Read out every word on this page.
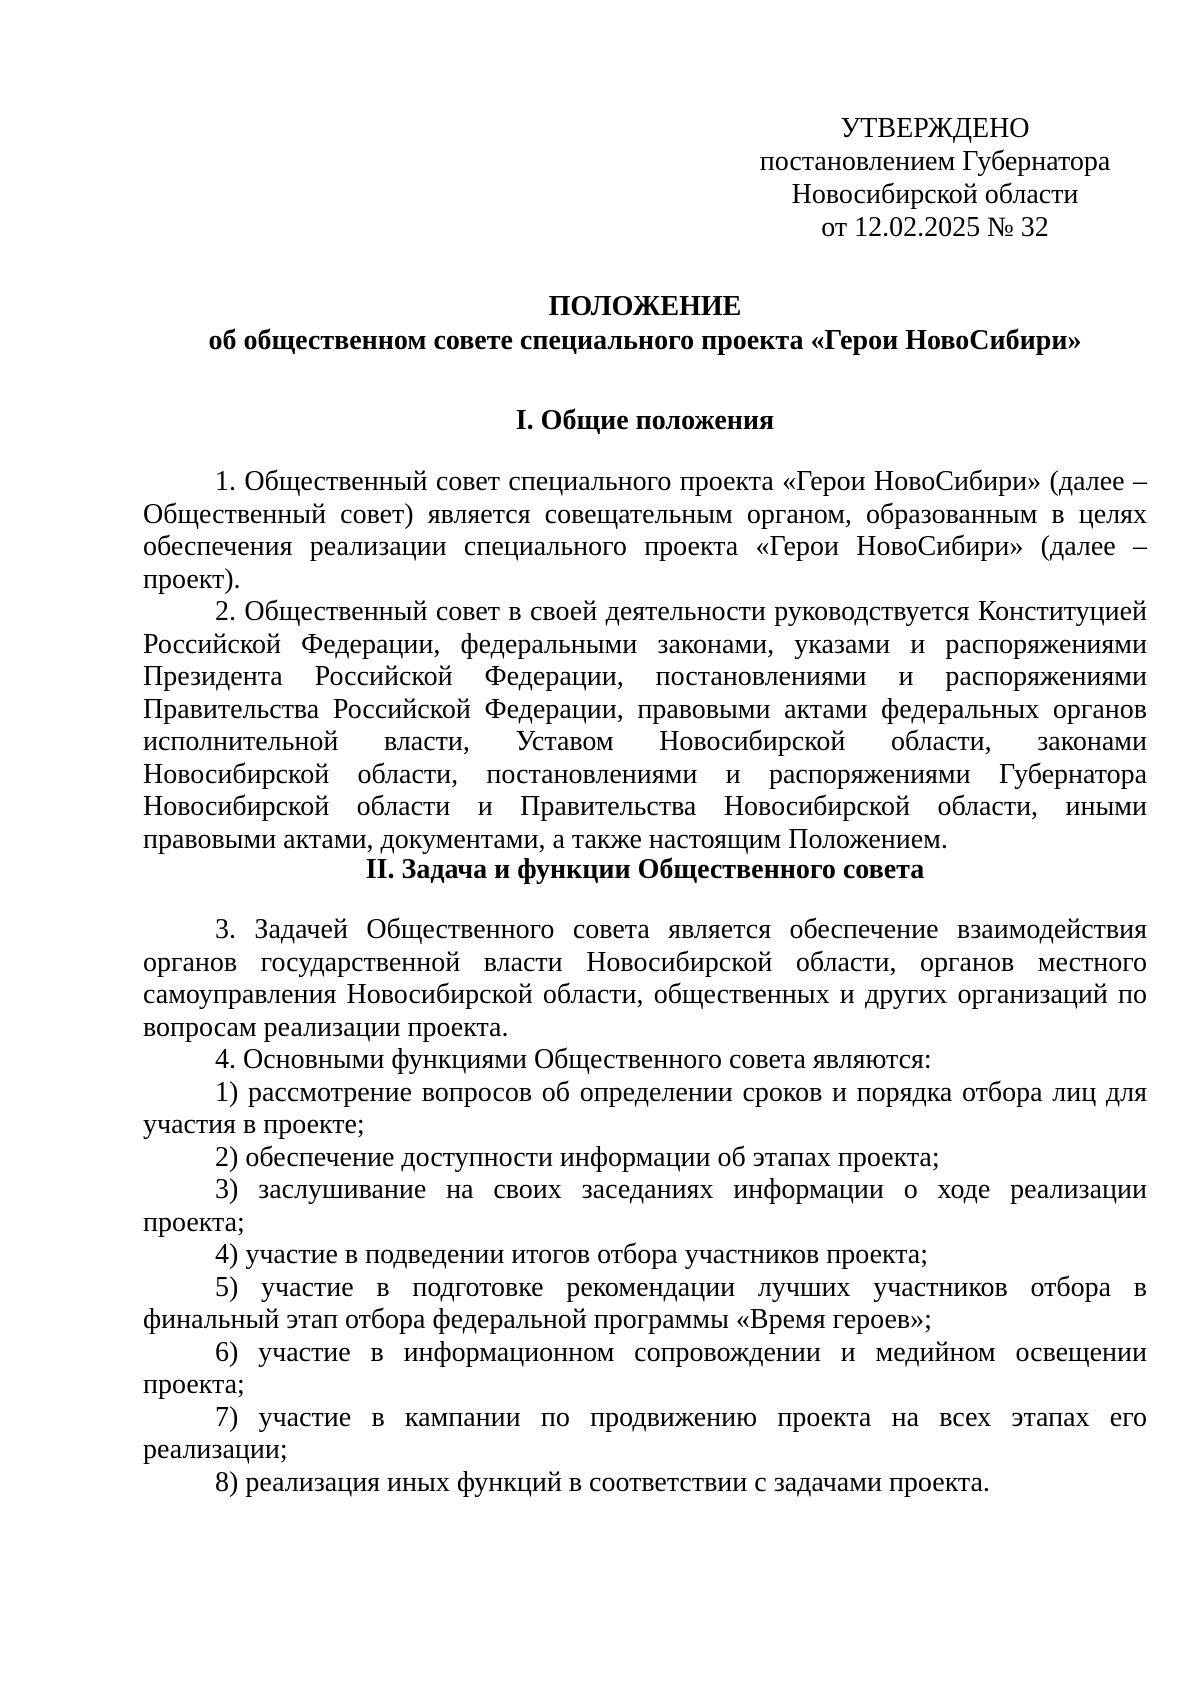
УТВЕРЖДЕНО
постановлением Губернатора
Новосибирской области
от 12.02.2025 № 32
ПОЛОЖЕНИЕ
об общественном совете специального проекта «Герои НовоСибири»
I. Общие положения

1. Общественный совет специального проекта «Герои НовоСибири» (далее – Общественный совет) является совещательным органом, образованным в целях обеспечения реализации специального проекта «Герои НовоСибири» (далее – проект).

2. Общественный совет в своей деятельности руководствуется Конституцией Российской Федерации, федеральными законами, указами и распоряжениями Президента Российской Федерации, постановлениями и распоряжениями Правительства Российской Федерации, правовыми актами федеральных органов исполнительной власти, Уставом Новосибирской области, законами Новосибирской области, постановлениями и распоряжениями Губернатора Новосибирской области и Правительства Новосибирской области, иными правовыми актами, документами, а также настоящим Положением.

II. Задача и функции Общественного совета

3. Задачей Общественного совета является обеспечение взаимодействия органов государственной власти Новосибирской области, органов местного самоуправления Новосибирской области, общественных и других организаций по вопросам реализации проекта.

4. Основными функциями Общественного совета являются:

1) рассмотрение вопросов об определении сроков и порядка отбора лиц для участия в проекте;

2) обеспечение доступности информации об этапах проекта;

3) заслушивание на своих заседаниях информации о ходе реализации проекта;

4) участие в подведении итогов отбора участников проекта;

5) участие в подготовке рекомендации лучших участников отбора в финальный этап отбора федеральной программы «Время героев»;

6) участие в информационном сопровождении и медийном освещении проекта;

7) участие в кампании по продвижению проекта на всех этапах его реализации;

8) реализация иных функций в соответствии с задачами проекта.
